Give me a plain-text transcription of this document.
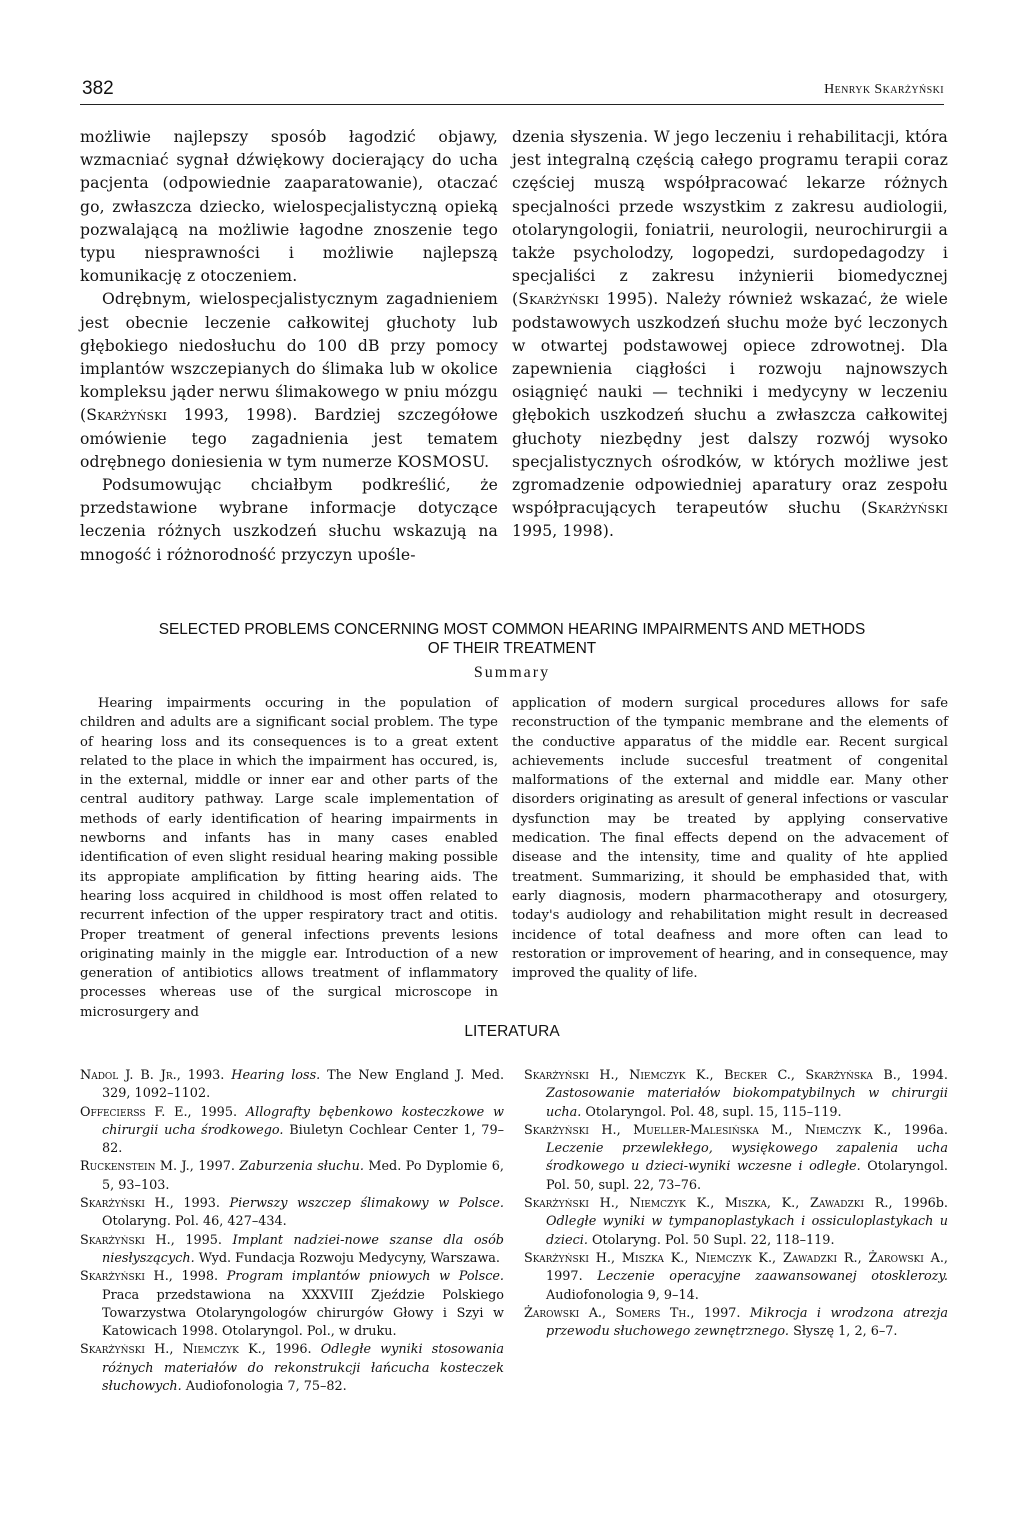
382	Henryk Skarżyński

możliwie najlepszy sposób łagodzić objawy, wzmacniać sygnał dźwiękowy docierający do ucha pacjenta (odpowiednie zaaparatowanie), otaczać go, zwłaszcza dziecko, wielospecjalistyczną opieką pozwalającą na możliwie łagodne znoszenie tego typu niesprawności i możliwie najlepszą komunikację z otoczeniem.

Odrębnym, wielospecjalistycznym zagadnieniem jest obecnie leczenie całkowitej głuchoty lub głębokiego niedosłuchu do 100 dB przy pomocy implantów wszczepianych do ślimaka lub w okolice kompleksu jąder nerwu ślimakowego w pniu mózgu (Skarżyński 1993, 1998). Bardziej szczegółowe omówienie tego zagadnienia jest tematem odrębnego doniesienia w tym numerze KOSMOSU.

Podsumowując chciałbym podkreślić, że przedstawione wybrane informacje dotyczące leczenia różnych uszkodzeń słuchu wskazują na mnogość i różnorodność przyczyn upośle-

dzenia słyszenia. W jego leczeniu i rehabilitacji, która jest integralną częścią całego programu terapii coraz częściej muszą współpracować lekarze różnych specjalności przede wszystkim z zakresu audiologii, otolaryngologii, foniatrii, neurologii, neurochirurgii a także psycholodzy, logopedzi, surdopedagodzy i specjaliści z zakresu inżynierii biomedycznej (Skarżyński 1995). Należy również wskazać, że wiele podstawowych uszkodzeń słuchu może być leczonych w otwartej podstawowej opiece zdrowotnej. Dla zapewnienia ciągłości i rozwoju najnowszych osiągnięć nauki — techniki i medycyny w leczeniu głębokich uszkodzeń słuchu a zwłaszcza całkowitej głuchoty niezbędny jest dalszy rozwój wysoko specjalistycznych ośrodków, w których możliwe jest zgromadzenie odpowiedniej aparatury oraz zespołu współpracujących terapeutów słuchu (Skarżyński 1995, 1998).

SELECTED PROBLEMS CONCERNING MOST COMMON HEARING IMPAIRMENTS AND METHODS
OF THEIR TREATMENT
Summary

Hearing impairments occuring in the population of children and adults are a significant social problem. The type of hearing loss and its consequences is to a great extent related to the place in which the impairment has occured, is, in the external, middle or inner ear and other parts of the central auditory pathway. Large scale implementation of methods of early identification of hearing impairments in newborns and infants has in many cases enabled identification of even slight residual hearing making possible its appropiate amplification by fitting hearing aids. The hearing loss acquired in childhood is most offen related to recurrent infection of the upper respiratory tract and otitis. Proper treatment of general infections prevents lesions originating mainly in the miggle ear. Introduction of a new generation of antibiotics allows treatment of inflammatory processes whereas use of the surgical microscope in microsurgery and

application of modern surgical procedures allows for safe reconstruction of the tympanic membrane and the elements of the conductive apparatus of the middle ear. Recent surgical achievements include succesful treatment of congenital malformations of the external and middle ear. Many other disorders originating as aresult of general infections or vascular dysfunction may be treated by applying conservative medication. The final effects depend on the advacement of disease and the intensity, time and quality of hte applied treatment. Summarizing, it should be emphasided that, with early diagnosis, modern pharmacotherapy and otosurgery, today's audiology and rehabilitation might result in decreased incidence of total deafness and more often can lead to restoration or improvement of hearing, and in consequence, may improved the quality of life.

LITERATURA

Nadol J. B. Jr., 1993. Hearing loss. The New England J. Med. 329, 1092–1102.

Offecierss F. E., 1995. Allografty bębenkowo kosteczkowe w chirurgii ucha środkowego. Biuletyn Cochlear Center 1, 79–82.

Ruckenstein M. J., 1997. Zaburzenia słuchu. Med. Po Dyplomie 6, 5, 93–103.

Skarżyński H., 1993. Pierwszy wszczep ślimakowy w Polsce. Otolaryng. Pol. 46, 427–434.

Skarżyński H., 1995. Implant nadziei-nowe szanse dla osób niesłyszących. Wyd. Fundacja Rozwoju Medycyny, Warszawa.

Skarżyński H., 1998. Program implantów pniowych w Polsce. Praca przedstawiona na XXXVIII Zjeździe Polskiego Towarzystwa Otolaryngologów chirurgów Głowy i Szyi w Katowicach 1998. Otolaryngol. Pol., w druku.

Skarżyński H., Niemczyk K., 1996. Odległe wyniki stosowania różnych materiałów do rekonstrukcji łańcucha kosteczek słuchowych. Audiofonologia 7, 75–82.

Skarżyński H., Niemczyk K., Becker C., Skarżyńska B., 1994. Zastosowanie materiałów biokompatybilnych w chirurgii ucha. Otolaryngol. Pol. 48, supl. 15, 115–119.

Skarżyński H., Mueller-Malesińska M., Niemczyk K., 1996a. Leczenie przewlekłego, wysiękowego zapalenia ucha środkowego u dzieci-wyniki wczesne i odległe. Otolaryngol. Pol. 50, supl. 22, 73–76.

Skarżyński H., Niemczyk K., Miszka, K., Zawadzki R., 1996b. Odległe wyniki w tympanoplastykach i ossiculoplastykach u dzieci. Otolaryng. Pol. 50 Supl. 22, 118–119.

Skarżyński H., Miszka K., Niemczyk K., Zawadzki R., Żarowski A., 1997. Leczenie operacyjne zaawansowanej otosklerozy. Audiofonologia 9, 9–14.

Żarowski A., Somers Th., 1997. Mikrocja i wrodzona atrezja przewodu słuchowego zewnętrznego. Słyszę 1, 2, 6–7.
